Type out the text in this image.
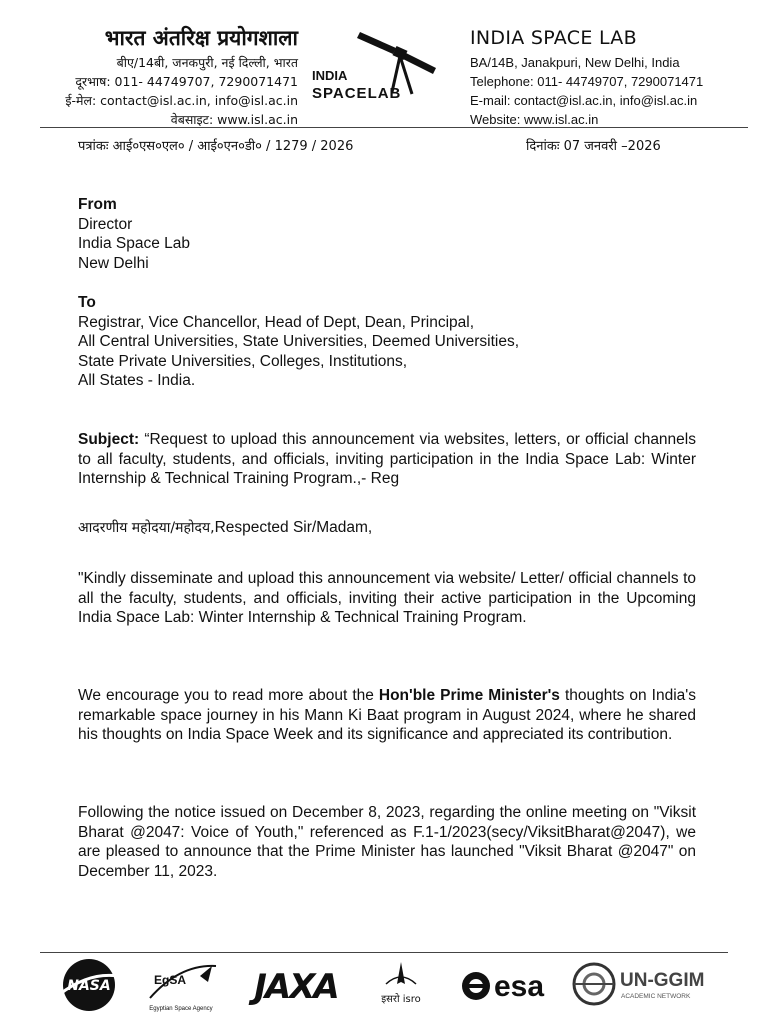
भारत अंतरिक्ष प्रयोगशाला
बीए/14बी, जनकपुरी, नई दिल्ली, भारत
दूरभाष: 011- 44749707, 7290071471
ई-मेल: contact@isl.ac.in, info@isl.ac.in
वेबसाइट: www.isl.ac.in
INDIA
SPACELAB
INDIA SPACE LAB
BA/14B, Janakpuri, New Delhi, India
Telephone: 011- 44749707, 7290071471
E-mail: contact@isl.ac.in, info@isl.ac.in
Website: www.isl.ac.in
पत्रांकः आई०एस०एल० / आई०एन०डी० / 1279 / 2026	दिनांकः 07 जनवरी –2026

From

Director

India Space Lab

New Delhi

To

Registrar, Vice Chancellor, Head of Dept, Dean, Principal,

All Central Universities, State Universities, Deemed Universities,

State Private Universities, Colleges, Institutions,

All States - India.

Subject: “Request to upload this announcement via websites, letters, or official channels to all faculty, students, and officials, inviting participation in the India Space Lab: Winter Internship & Technical Training Program.,- Reg

आदरणीय महोदया/महोदय,Respected Sir/Madam,

"Kindly disseminate and upload this announcement via website/ Letter/ official channels to all the faculty, students, and officials, inviting their active participation in the Upcoming India Space Lab: Winter Internship & Technical Training Program.

We encourage you to read more about the Hon'ble Prime Minister's thoughts on India's remarkable space journey in his Mann Ki Baat program in August 2024, where he shared his thoughts on India Space Week and its significance and appreciated its contribution.

Following the notice issued on December 8, 2023, regarding the online meeting on "Viksit Bharat @2047: Voice of Youth," referenced as F.1-1/2023(secy/ViksitBharat@2047), we are pleased to announce that the Prime Minister has launched "Viksit Bharat @2047" on December 11, 2023.

NASA	EgSA
Egyptian Space Agency
JAXA	इसरो isro esa	UN-GGIM
ACADEMIC NETWORK
